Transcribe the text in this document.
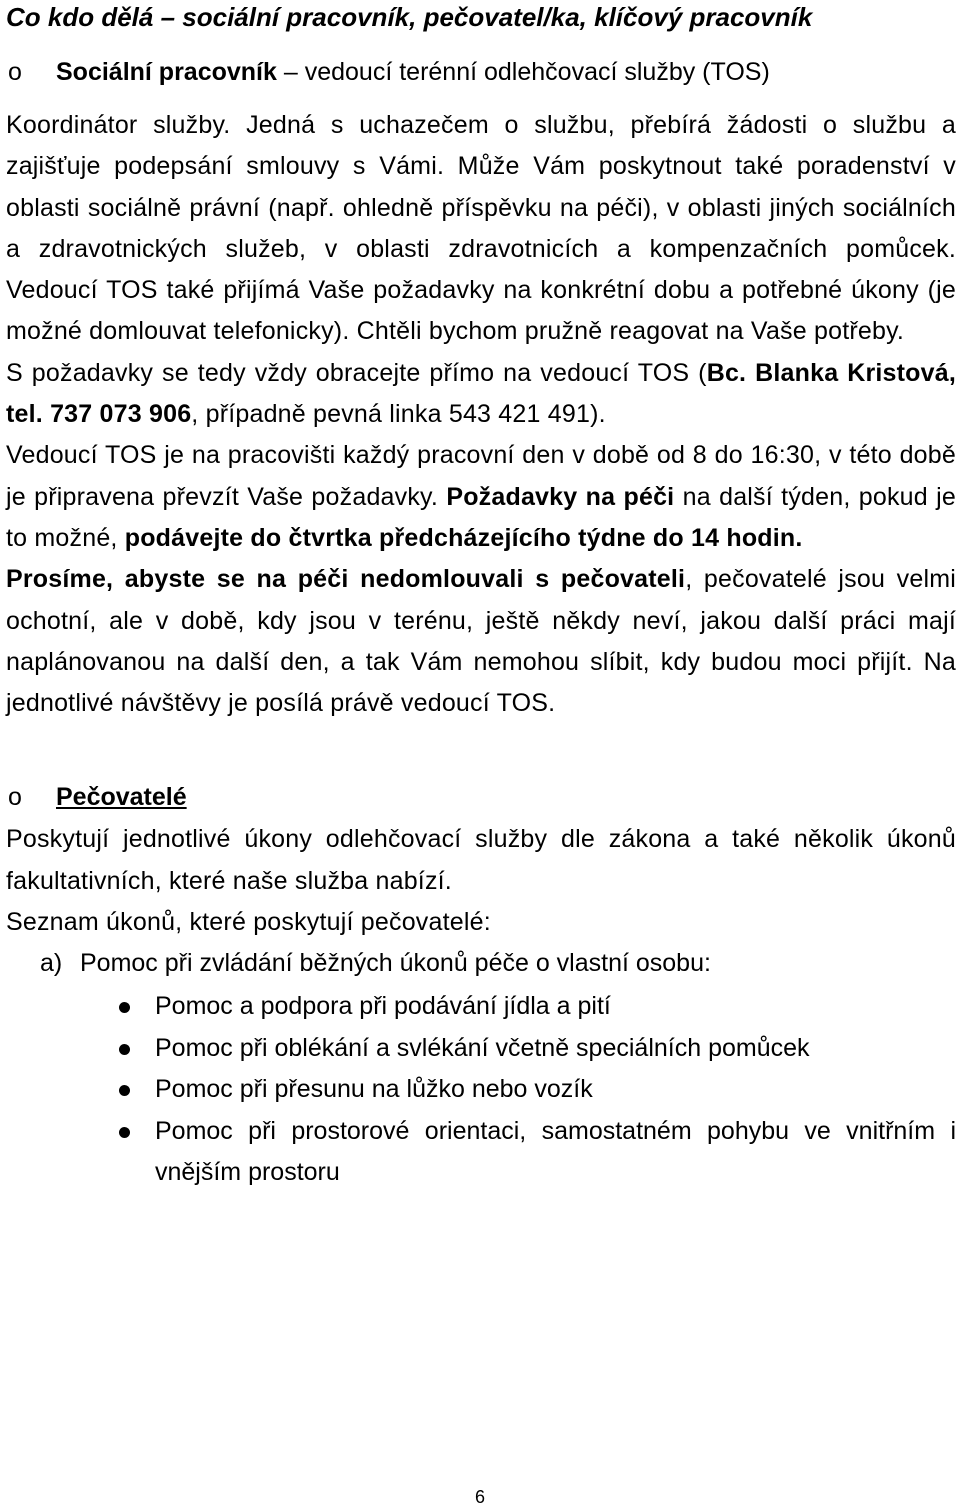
Co kdo dělá – sociální pracovník, pečovatel/ka, klíčový pracovník

o	Sociální pracovník – vedoucí terénní odlehčovací služby (TOS)

Koordinátor služby. Jedná s uchazečem o službu, přebírá žádosti o službu a zajišťuje podepsání smlouvy s Vámi. Může Vám poskytnout také poradenství v oblasti sociálně právní (např. ohledně příspěvku na péči), v oblasti jiných sociálních a zdravotnických služeb, v oblasti zdravotnicích a kompenzačních pomůcek. Vedoucí TOS také přijímá Vaše požadavky na konkrétní dobu a potřebné úkony (je možné domlouvat telefonicky). Chtěli bychom pružně reagovat na Vaše potřeby.

S požadavky se tedy vždy obracejte přímo na vedoucí TOS (Bc. Blanka Kristová, tel. 737 073 906, případně pevná linka 543 421 491).

Vedoucí TOS je na pracovišti každý pracovní den v době od 8 do 16:30, v této době je připravena převzít Vaše požadavky. Požadavky na péči na další týden, pokud je to možné, podávejte do čtvrtka předcházejícího týdne do 14 hodin.

Prosíme, abyste se na péči nedomlouvali s pečovateli, pečovatelé jsou velmi ochotní, ale v době, kdy jsou v terénu, ještě někdy neví, jakou další práci mají naplánovanou na další den, a tak Vám nemohou slíbit, kdy budou moci přijít. Na jednotlivé návštěvy je posílá právě vedoucí TOS.

o	Pečovatelé

Poskytují jednotlivé úkony odlehčovací služby dle zákona a také několik úkonů fakultativních, které naše služba nabízí.

Seznam úkonů, které poskytují pečovatelé:

a) Pomoc při zvládání běžných úkonů péče o vlastní osobu:

Pomoc a podpora při podávání jídla a pití
Pomoc při oblékání a svlékání včetně speciálních pomůcek
Pomoc při přesunu na lůžko nebo vozík
Pomoc při prostorové orientaci, samostatném pohybu ve vnitřním i vnějším prostoru
6
